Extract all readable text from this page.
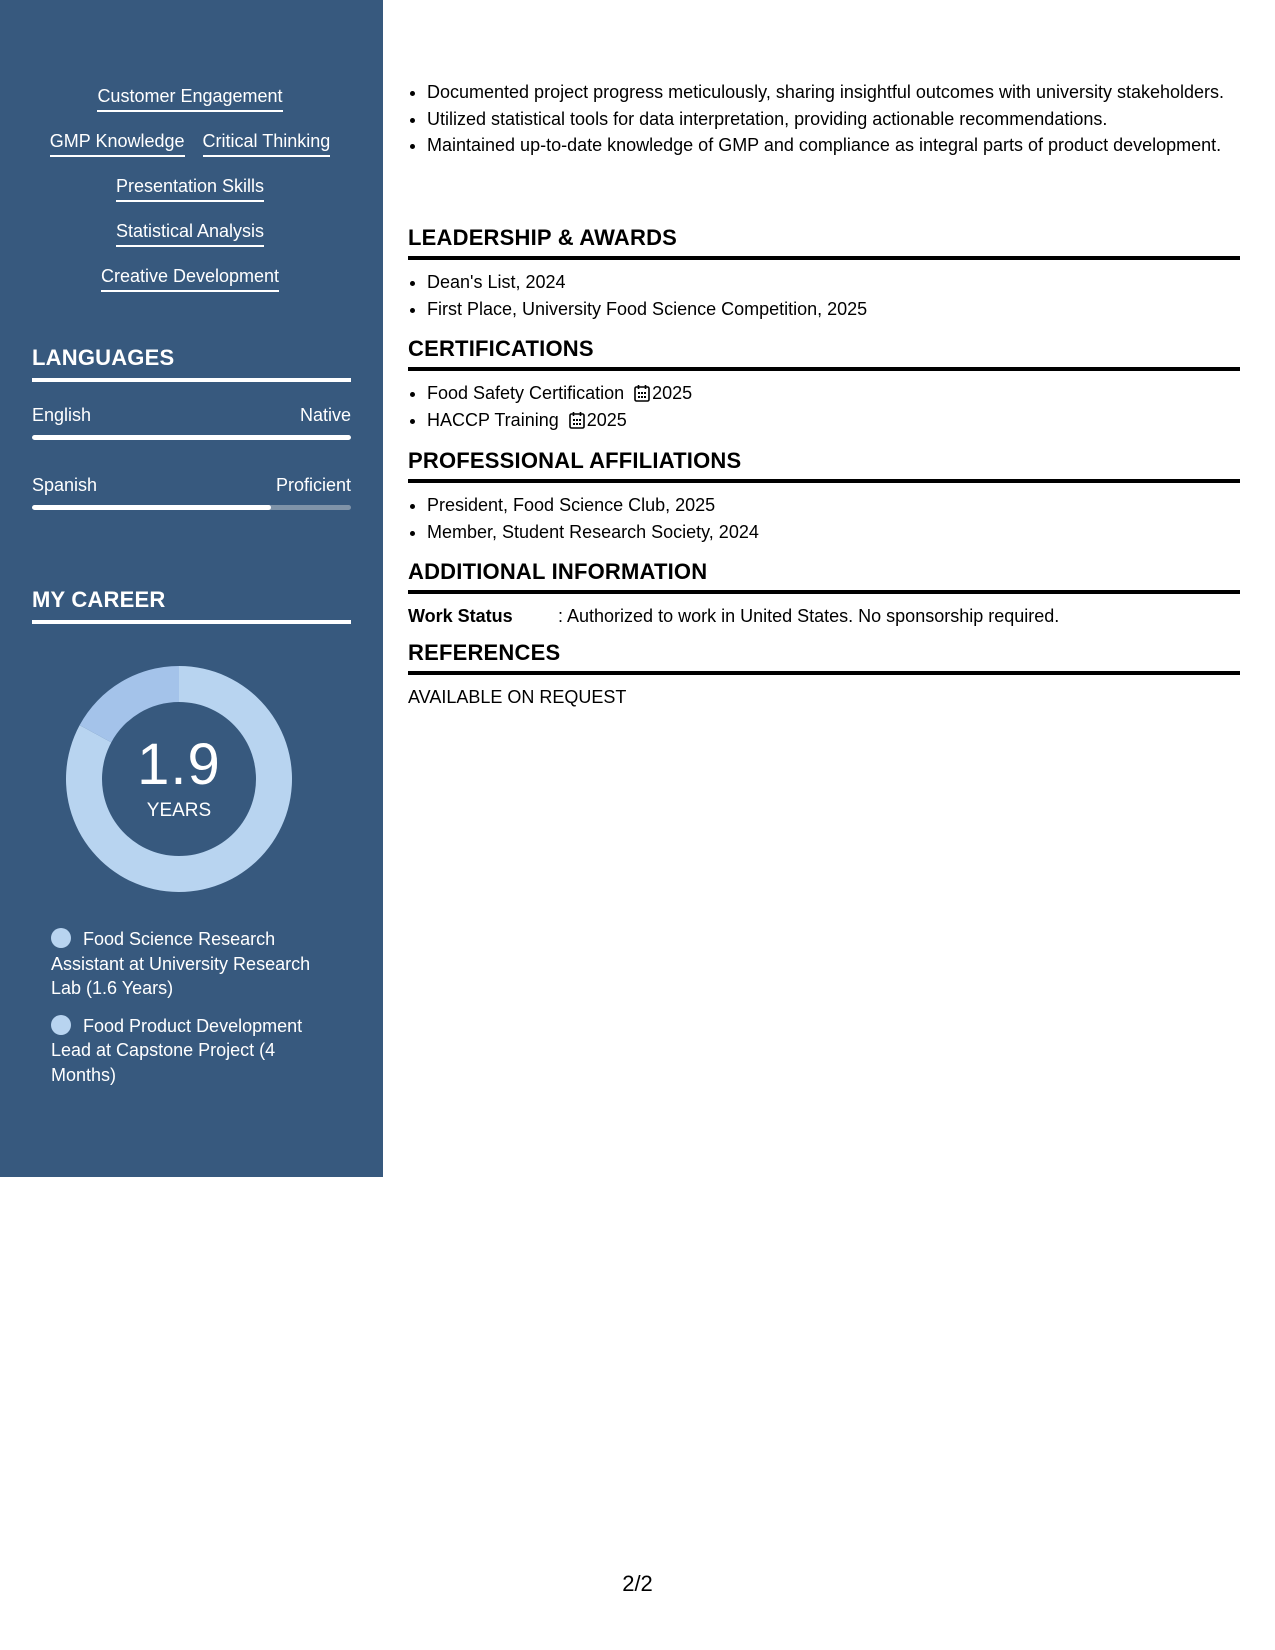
Customer Engagement
GMP Knowledge Critical Thinking
Presentation Skills
Statistical Analysis
Creative Development
LANGUAGES
English	Native
Spanish	Proficient
MY CAREER
1.9
YEARS
Food Science Research Assistant at University Research Lab (1.6 Years)
Food Product Development Lead at Capstone Project (4 Months)
• Documented project progress meticulously, sharing insightful outcomes with university stakeholders.
• Utilized statistical tools for data interpretation, providing actionable recommendations.
• Maintained up-to-date knowledge of GMP and compliance as integral parts of product development.
LEADERSHIP & AWARDS
• Dean's List, 2024
• First Place, University Food Science Competition, 2025
CERTIFICATIONS
• Food Safety Certification 2025
• HACCP Training 2025
PROFESSIONAL AFFILIATIONS
• President, Food Science Club, 2025
• Member, Student Research Society, 2024
ADDITIONAL INFORMATION
Work Status	: Authorized to work in United States. No sponsorship required.
REFERENCES
AVAILABLE ON REQUEST
2/2
